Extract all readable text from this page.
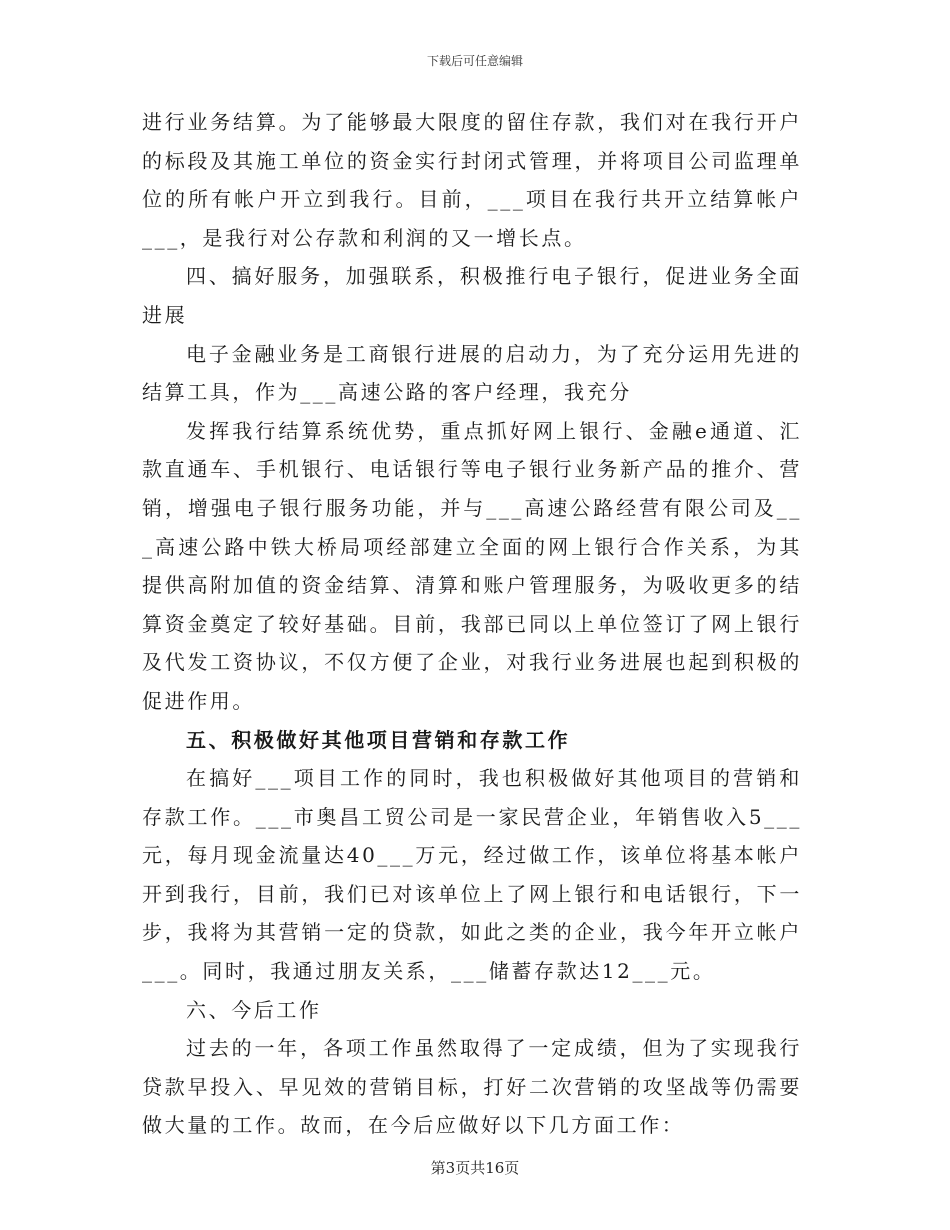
下载后可任意编辑

进行业务结算。为了能够最大限度的留住存款，我们对在我行开户的标段及其施工单位的资金实行封闭式管理，并将项目公司监理单位的所有帐户开立到我行。目前，___项目在我行共开立结算帐户___，是我行对公存款和利润的又一增长点。

四、搞好服务，加强联系，积极推行电子银行，促进业务全面进展

电子金融业务是工商银行进展的启动力，为了充分运用先进的结算工具，作为___高速公路的客户经理，我充分

发挥我行结算系统优势，重点抓好网上银行、金融e通道、汇款直通车、手机银行、电话银行等电子银行业务新产品的推介、营销，增强电子银行服务功能，并与___高速公路经营有限公司及___高速公路中铁大桥局项经部建立全面的网上银行合作关系，为其提供高附加值的资金结算、清算和账户管理服务，为吸收更多的结算资金奠定了较好基础。目前，我部已同以上单位签订了网上银行及代发工资协议，不仅方便了企业，对我行业务进展也起到积极的促进作用。

五、积极做好其他项目营销和存款工作

在搞好___项目工作的同时，我也积极做好其他项目的营销和存款工作。___市奥昌工贸公司是一家民营企业，年销售收入5___元，每月现金流量达40___万元，经过做工作，该单位将基本帐户开到我行，目前，我们已对该单位上了网上银行和电话银行，下一步，我将为其营销一定的贷款，如此之类的企业，我今年开立帐户___。同时，我通过朋友关系，___储蓄存款达12___元。

六、今后工作

过去的一年，各项工作虽然取得了一定成绩，但为了实现我行贷款早投入、早见效的营销目标，打好二次营销的攻坚战等仍需要做大量的工作。故而，在今后应做好以下几方面工作：

第3页共16页
